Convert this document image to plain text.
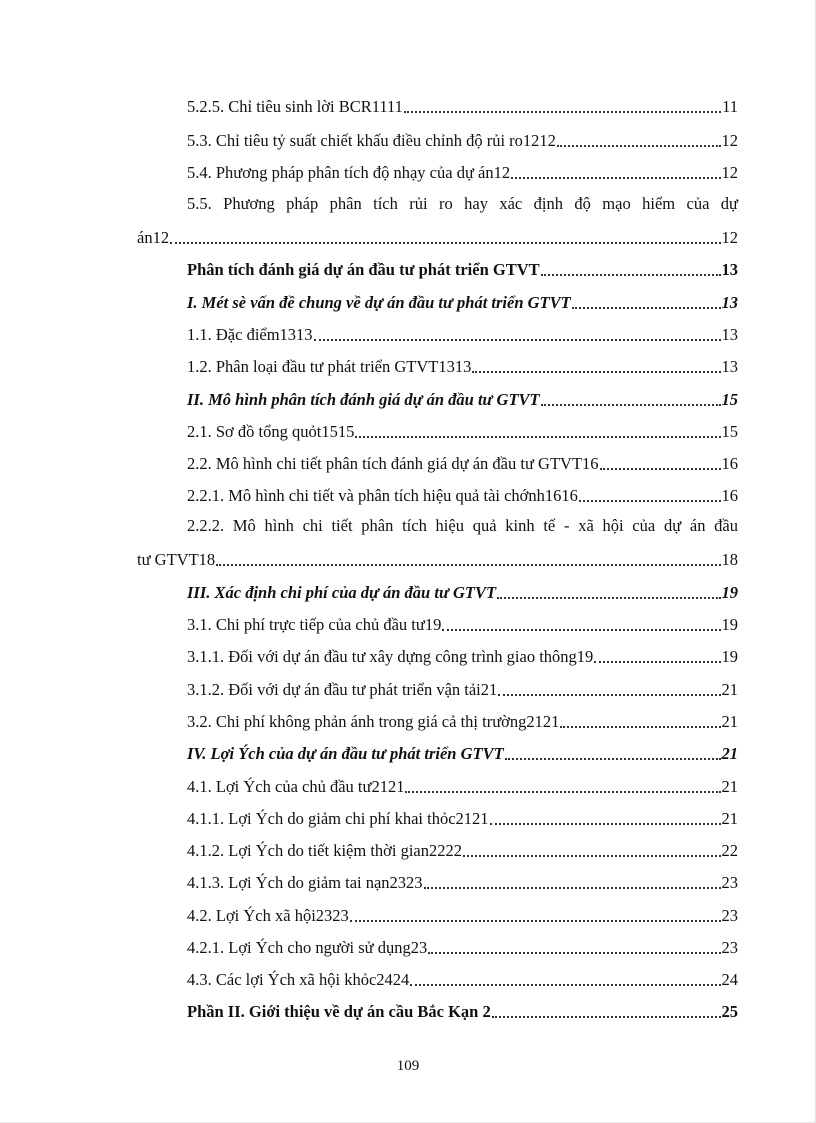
5.2.5. Chỉ tiêu sinh lời BCR1111	11
5.3. Chỉ tiêu tỷ suất chiết khấu điều chỉnh độ rủi ro1212	12
5.4. Phương pháp phân tích độ nhạy của dự án12	12
5.5. Phương pháp phân tích rủi ro hay xác định độ mạo hiểm của dự
án12	12
Phân tích đánh giá dự án đầu tư phát triển GTVT	13
I. Mét sè vấn đề chung về dự án đầu tư phát triển GTVT	13
1.1. Đặc điểm1313	13
1.2. Phân loại đầu tư phát triển GTVT1313	13
II. Mô hình phân tích đánh giá dự án đầu tư GTVT	15
2.1. Sơ đồ tổng quỏt1515	15
2.2. Mô hình chi tiết phân tích đánh giá dự án đầu tư GTVT16	16
2.2.1. Mô hình chi tiết và phân tích hiệu quả tài chớnh1616	16
2.2.2. Mô hình chi tiết phân tích hiệu quả kinh tế - xã hội của dự án đầu
tư GTVT18	18
III. Xác định chi phí của dự án đầu tư GTVT	19
3.1. Chi phí trực tiếp của chủ đầu tư19	19
3.1.1. Đối với dự án đầu tư xây dựng công trình giao thông19	19
3.1.2. Đối với dự án đầu tư phát triển vận tải21	21
3.2. Chi phí không phản ánh trong giá cả thị trường2121	21
IV. Lợi Ých của dự án đầu tư phát triển GTVT	21
4.1. Lợi Ých của chủ đầu tư2121	21
4.1.1. Lợi Ých do giảm chi phí khai thỏc2121	21
4.1.2. Lợi Ých do tiết kiệm thời gian2222	22
4.1.3. Lợi Ých do giảm tai nạn2323	23
4.2. Lợi Ých xã hội2323	23
4.2.1. Lợi Ých cho người sử dụng23	23
4.3. Các lợi Ých xã hội khỏc2424	24
Phần II. Giới thiệu về dự án cầu Bắc Kạn 2	25
109
